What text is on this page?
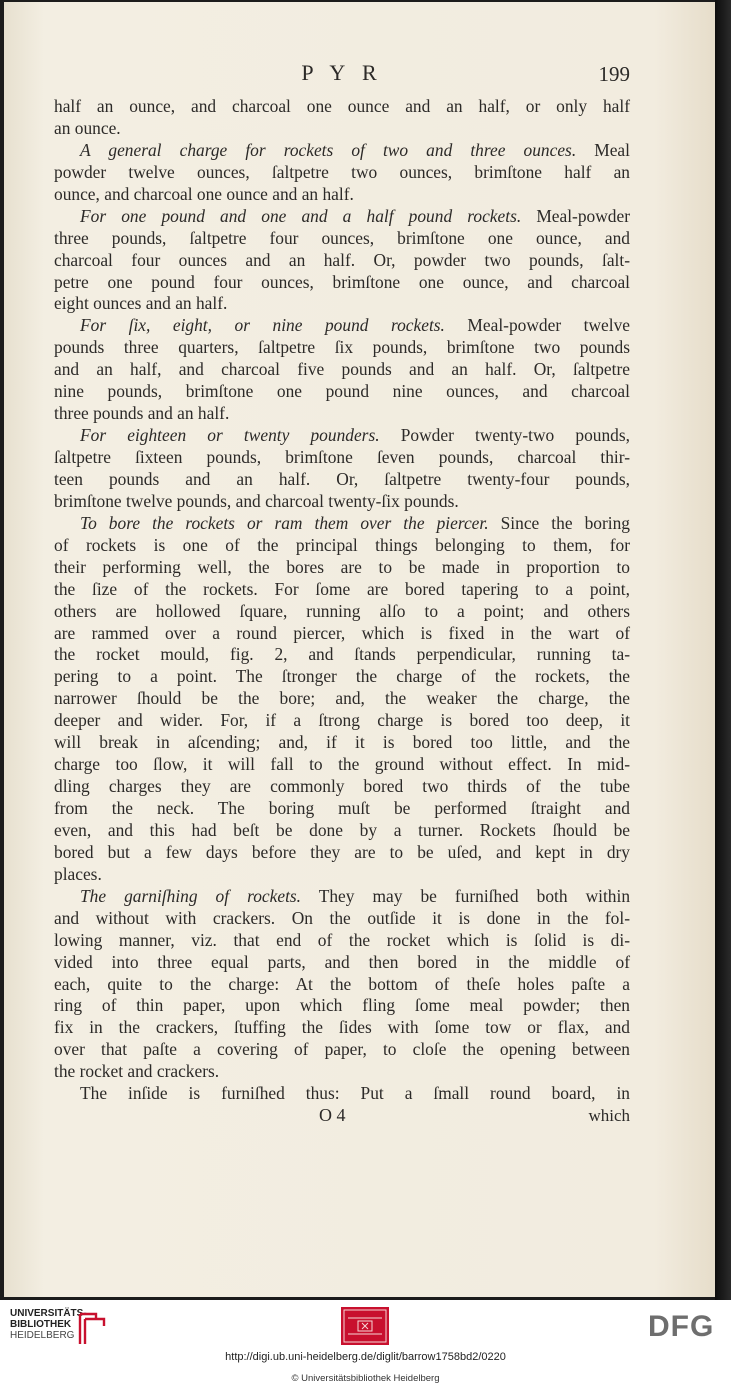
P Y R	199
half an ounce, and charcoal one ounce and an half, or only half
an ounce.
A general charge for rockets of two and three ounces. Meal
powder twelve ounces, ſaltpetre two ounces, brimſtone half an
ounce, and charcoal one ounce and an half.
For one pound and one and a half pound rockets. Meal-powder
three pounds, ſaltpetre four ounces, brimſtone one ounce, and
charcoal four ounces and an half. Or, powder two pounds, ſalt-
petre one pound four ounces, brimſtone one ounce, and charcoal
eight ounces and an half.
For ſix, eight, or nine pound rockets. Meal-powder twelve
pounds three quarters, ſaltpetre ſix pounds, brimſtone two pounds
and an half, and charcoal five pounds and an half. Or, ſaltpetre
nine pounds, brimſtone one pound nine ounces, and charcoal
three pounds and an half.
For eighteen or twenty pounders. Powder twenty-two pounds,
ſaltpetre ſixteen pounds, brimſtone ſeven pounds, charcoal thir-
teen pounds and an half. Or, ſaltpetre twenty-four pounds,
brimſtone twelve pounds, and charcoal twenty-ſix pounds.
To bore the rockets or ram them over the piercer. Since the boring
of rockets is one of the principal things belonging to them, for
their performing well, the bores are to be made in proportion to
the ſize of the rockets. For ſome are bored tapering to a point,
others are hollowed ſquare, running alſo to a point; and others
are rammed over a round piercer, which is fixed in the wart of
the rocket mould, fig. 2, and ſtands perpendicular, running ta-
pering to a point. The ſtronger the charge of the rockets, the
narrower ſhould be the bore; and, the weaker the charge, the
deeper and wider. For, if a ſtrong charge is bored too deep, it
will break in aſcending; and, if it is bored too little, and the
charge too ſlow, it will fall to the ground without effect. In mid-
dling charges they are commonly bored two thirds of the tube
from the neck. The boring muſt be performed ſtraight and
even, and this had beſt be done by a turner. Rockets ſhould be
bored but a few days before they are to be uſed, and kept in dry
places.
The garniſhing of rockets. They may be furniſhed both within
and without with crackers. On the outſide it is done in the fol-
lowing manner, viz. that end of the rocket which is ſolid is di-
vided into three equal parts, and then bored in the middle of
each, quite to the charge: At the bottom of theſe holes paſte a
ring of thin paper, upon which fling ſome meal powder; then
fix in the crackers, ſtuffing the ſides with ſome tow or flax, and
over that paſte a covering of paper, to cloſe the opening between
the rocket and crackers.
The inſide is furniſhed thus: Put a ſmall round board, in
O 4	which
UNIVERSITÄTS-
BIBLIOTHEK
HEIDELBERG	DFG
http://digi.ub.uni-heidelberg.de/diglit/barrow1758bd2/0220
© Universitätsbibliothek Heidelberg
